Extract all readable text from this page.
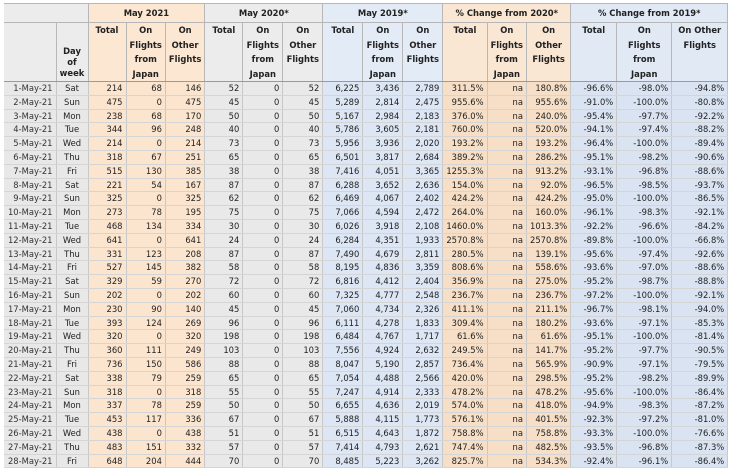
		May 2021			May 2020*			May 2019*			% Change from 2020*			% Change from 2019*		
	Day of week	Total	On Flights from Japan	On Other Flights	Total	On Flights from Japan	On Other Flights	Total	On Flights from Japan	On Other Flights	Total	On Flights from Japan	On Other Flights	Total	On Flights from Japan	On Other Flights
1-May-21	Sat	214	68	146	52	0	52	6,225	3,436	2,789	311.5%	na	180.8%	-96.6%	-98.0%	-94.8%
2-May-21	Sun	475	0	475	45	0	45	5,289	2,814	2,475	955.6%	na	955.6%	-91.0%	-100.0%	-80.8%
3-May-21	Mon	238	68	170	50	0	50	5,167	2,984	2,183	376.0%	na	240.0%	-95.4%	-97.7%	-92.2%
4-May-21	Tue	344	96	248	40	0	40	5,786	3,605	2,181	760.0%	na	520.0%	-94.1%	-97.4%	-88.2%
5-May-21	Wed	214	0	214	73	0	73	5,956	3,936	2,020	193.2%	na	193.2%	-96.4%	-100.0%	-89.4%
6-May-21	Thu	318	67	251	65	0	65	6,501	3,817	2,684	389.2%	na	286.2%	-95.1%	-98.2%	-90.6%
7-May-21	Fri	515	130	385	38	0	38	7,416	4,051	3,365	1255.3%	na	913.2%	-93.1%	-96.8%	-88.6%
8-May-21	Sat	221	54	167	87	0	87	6,288	3,652	2,636	154.0%	na	92.0%	-96.5%	-98.5%	-93.7%
9-May-21	Sun	325	0	325	62	0	62	6,469	4,067	2,402	424.2%	na	424.2%	-95.0%	-100.0%	-86.5%
10-May-21	Mon	273	78	195	75	0	75	7,066	4,594	2,472	264.0%	na	160.0%	-96.1%	-98.3%	-92.1%
11-May-21	Tue	468	134	334	30	0	30	6,026	3,918	2,108	1460.0%	na	1013.3%	-92.2%	-96.6%	-84.2%
12-May-21	Wed	641	0	641	24	0	24	6,284	4,351	1,933	2570.8%	na	2570.8%	-89.8%	-100.0%	-66.8%
13-May-21	Thu	331	123	208	87	0	87	7,490	4,679	2,811	280.5%	na	139.1%	-95.6%	-97.4%	-92.6%
14-May-21	Fri	527	145	382	58	0	58	8,195	4,836	3,359	808.6%	na	558.6%	-93.6%	-97.0%	-88.6%
15-May-21	Sat	329	59	270	72	0	72	6,816	4,412	2,404	356.9%	na	275.0%	-95.2%	-98.7%	-88.8%
16-May-21	Sun	202	0	202	60	0	60	7,325	4,777	2,548	236.7%	na	236.7%	-97.2%	-100.0%	-92.1%
17-May-21	Mon	230	90	140	45	0	45	7,060	4,734	2,326	411.1%	na	211.1%	-96.7%	-98.1%	-94.0%
18-May-21	Tue	393	124	269	96	0	96	6,111	4,278	1,833	309.4%	na	180.2%	-93.6%	-97.1%	-85.3%
19-May-21	Wed	320	0	320	198	0	198	6,484	4,767	1,717	61.6%	na	61.6%	-95.1%	-100.0%	-81.4%
20-May-21	Thu	360	111	249	103	0	103	7,556	4,924	2,632	249.5%	na	141.7%	-95.2%	-97.7%	-90.5%
21-May-21	Fri	736	150	586	88	0	88	8,047	5,190	2,857	736.4%	na	565.9%	-90.9%	-97.1%	-79.5%
22-May-21	Sat	338	79	259	65	0	65	7,054	4,488	2,566	420.0%	na	298.5%	-95.2%	-98.2%	-89.9%
23-May-21	Sun	318	0	318	55	0	55	7,247	4,914	2,333	478.2%	na	478.2%	-95.6%	-100.0%	-86.4%
24-May-21	Mon	337	78	259	50	0	50	6,655	4,636	2,019	574.0%	na	418.0%	-94.9%	-98.3%	-87.2%
25-May-21	Tue	453	117	336	67	0	67	5,888	4,115	1,773	576.1%	na	401.5%	-92.3%	-97.2%	-81.0%
26-May-21	Wed	438	0	438	51	0	51	6,515	4,643	1,872	758.8%	na	758.8%	-93.3%	-100.0%	-76.6%
27-May-21	Thu	483	151	332	57	0	57	7,414	4,793	2,621	747.4%	na	482.5%	-93.5%	-96.8%	-87.3%
28-May-21	Fri	648	204	444	70	0	70	8,485	5,223	3,262	825.7%	na	534.3%	-92.4%	-96.1%	-86.4%
